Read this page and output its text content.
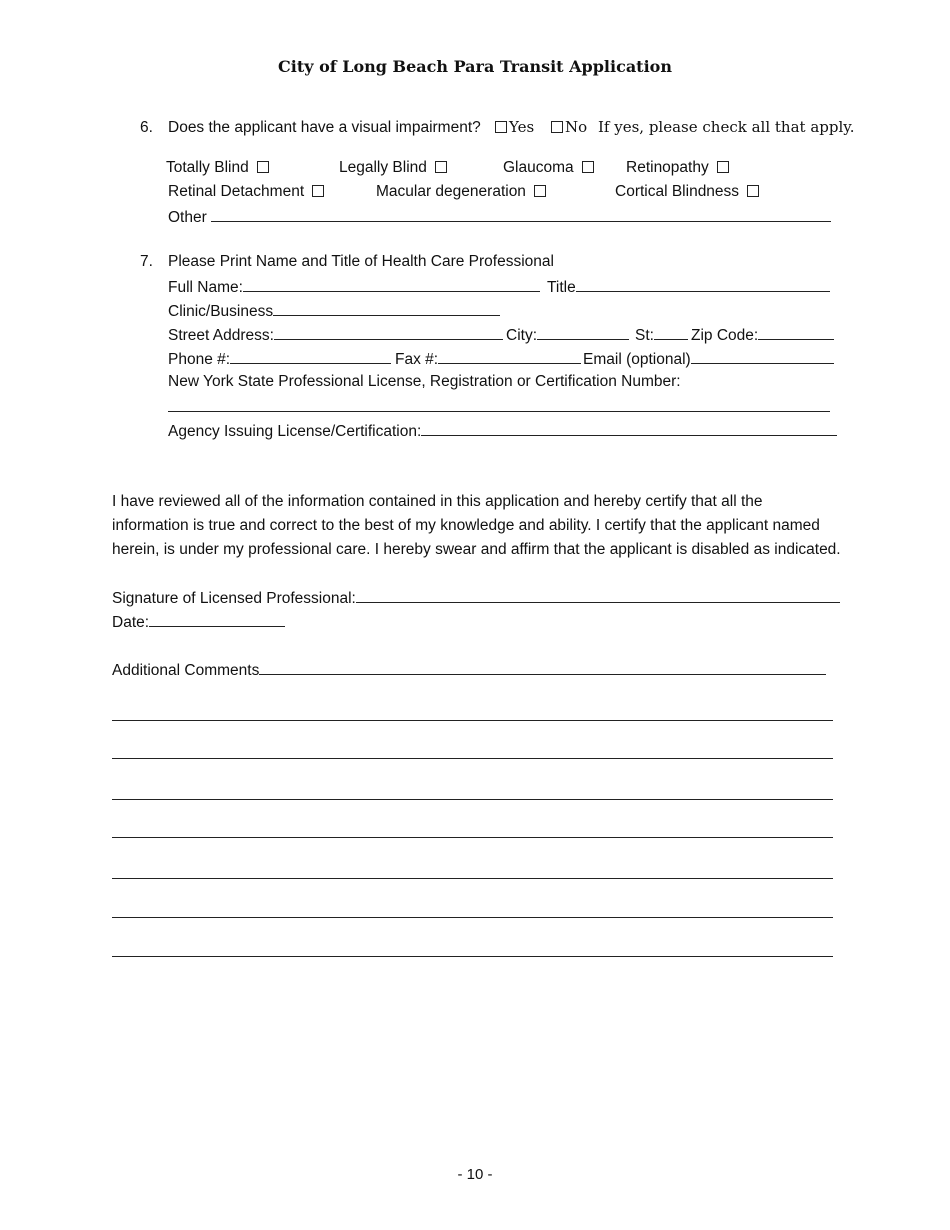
City of Long Beach Para Transit Application
6. Does the applicant have a visual impairment?	Yes	No If yes, please check all that apply.
Totally Blind	Legally Blind	Glaucoma	Retinopathy
Retinal Detachment	Macular degeneration	Cortical Blindness
Other
7. Please Print Name and Title of Health Care Professional
Full Name:	Title
Clinic/Business
Street Address:	City:	St:	Zip Code:
Phone #:	Fax #:	Email (optional)
New York State Professional License, Registration or Certification Number:
Agency Issuing License/Certification:
I have reviewed all of the information contained in this application and hereby certify that all the information is true and correct to the best of my knowledge and ability. I certify that the applicant named herein, is under my professional care. I hereby swear and affirm that the applicant is disabled as indicated.
Signature of Licensed Professional:
Date:
Additional Comments
- 10 -
